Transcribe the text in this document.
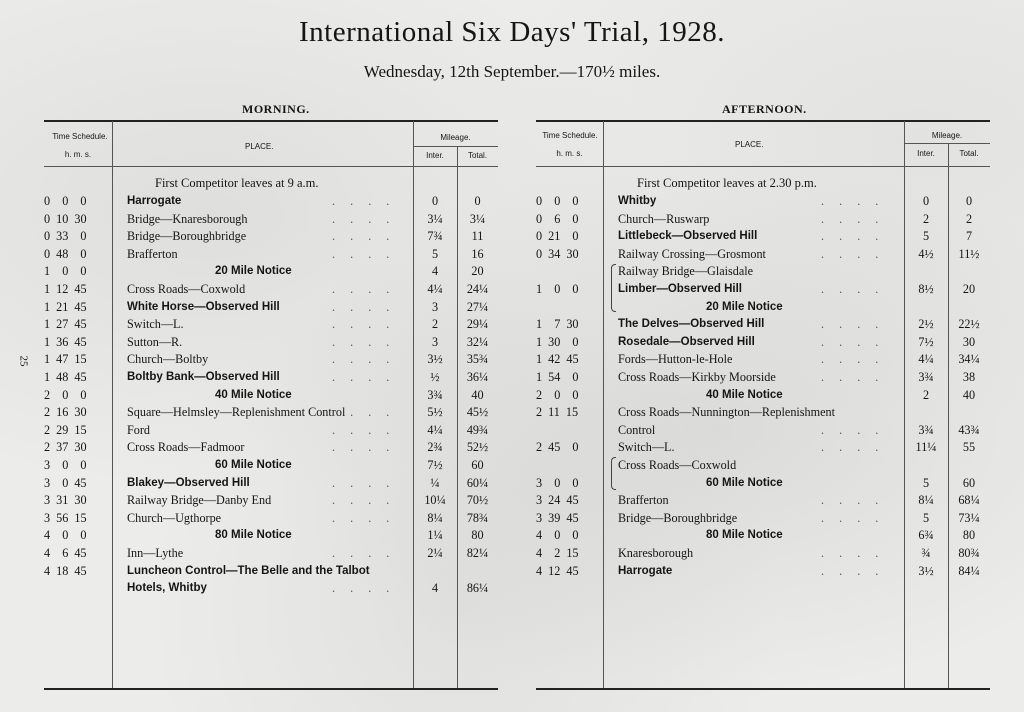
International Six Days' Trial, 1928.
Wednesday, 12th September.—170½ miles.
25
MORNING.	AFTERNOON.
Time Schedule.
h. m. s.
PLACE.
Mileage.
Inter.	Total.
First Competitor leaves at 9 a.m.
0  0  0	Harrogate	. . . .	0	0
0 10 30	Bridge—Knaresborough	. . . .	3¼	3¼
0 33  0	Bridge—Boroughbridge	. . . .	7¾	11
0 48  0	Brafferton	. . . .	5	16
1  0  0	20 Mile Notice	4	20
1 12 45	Cross Roads—Coxwold	. . . .	4¼	24¼
1 21 45	White Horse—Observed Hill	. . . .	3	27¼
1 27 45	Switch—L.	. . . .	2	29¼
1 36 45	Sutton—R.	. . . .	3	32¼
1 47 15	Church—Boltby	. . . .	3½	35¾
1 48 45	Boltby Bank—Observed Hill	. . . .	½	36¼
2  0  0	40 Mile Notice	3¾	40
2 16 30	Square—Helmsley—Replenishment Control
. . . .	5½	45½
2 29 15	Ford	. . . .	4¼	49¾
2 37 30	Cross Roads—Fadmoor	. . . .	2¾	52½
3  0  0	60 Mile Notice	7½	60
3  0 45	Blakey—Observed Hill	. . . .	¼	60¼
3 31 30	Railway Bridge—Danby End	. . . .	10¼	70½
3 56 15	Church—Ugthorpe	. . . .	8¼	78¾
4  0  0	80 Mile Notice	1¼	80
4  6 45	Inn—Lythe	. . . .	2¼	82¼
4 18 45	Luncheon Control—The Belle and the Talbot
Hotels, Whitby	. . . .	4	86¼
Time Schedule.
h. m. s.
PLACE.
Mileage.
Inter.	Total.
First Competitor leaves at 2.30 p.m.
0  0  0	Whitby	. . . .	0	0
0  6  0	Church—Ruswarp	. . . .	2	2
0 21  0	Littlebeck—Observed Hill	. . . .	5	7
0 34 30	Railway Crossing—Grosmont	. . . .	4½	11½
Railway Bridge—Glaisdale
1  0  0	Limber—Observed Hill	. . . .	8½	20
20 Mile Notice
1  7 30	The Delves—Observed Hill	. . . .	2½	22½
1 30  0	Rosedale—Observed Hill	. . . .	7½	30
1 42 45	Fords—Hutton-le-Hole	. . . .	4¼	34¼
1 54  0	Cross Roads—Kirkby Moorside	. . . .	3¾	38
2  0  0	40 Mile Notice	2	40
2 11 15	Cross Roads—Nunnington—Replenishment
Control	. . . .	3¾	43¾
2 45  0	Switch—L.	. . . .	11¼	55
Cross Roads—Coxwold
3  0  0	60 Mile Notice	5	60
3 24 45	Brafferton	. . . .	8¼	68¼
3 39 45	Bridge—Boroughbridge	. . . .	5	73¼
4  0  0	80 Mile Notice	6¾	80
4  2 15	Knaresborough	. . . .	¾	80¾
4 12 45	Harrogate	. . . .	3½	84¼
